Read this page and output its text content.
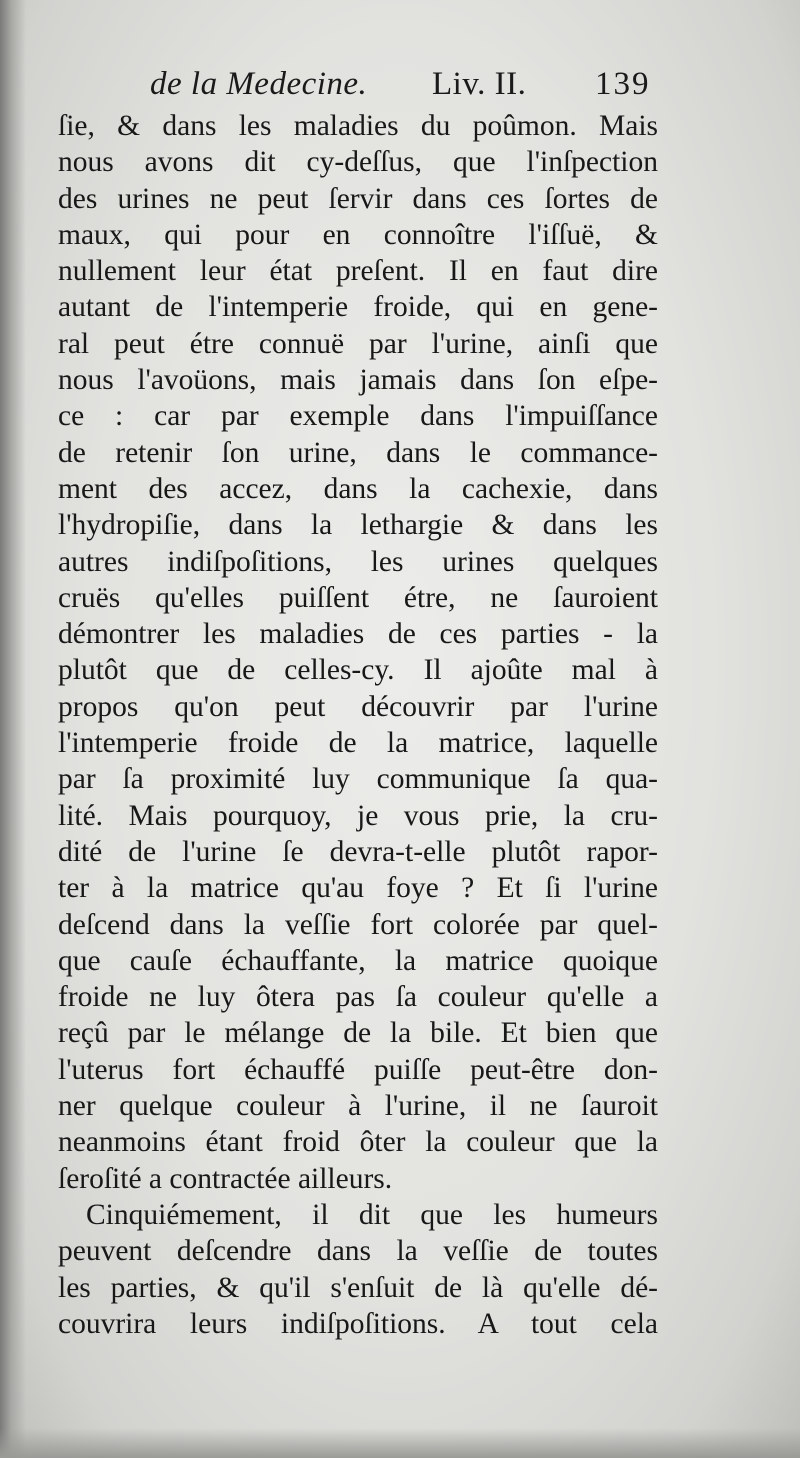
de la Medecine. Liv. II. 139
ſie, & dans les maladies du poûmon. Mais
nous avons dit cy-deſſus, que l'inſpection
des urines ne peut ſervir dans ces ſortes de
maux, qui pour en connoître l'iſſuë, &
nullement leur état preſent. Il en faut dire
autant de l'intemperie froide, qui en gene-
ral peut étre connuë par l'urine, ainſi que
nous l'avoüons, mais jamais dans ſon eſpe-
ce : car par exemple dans l'impuiſſance
de retenir ſon urine, dans le commance-
ment des accez, dans la cachexie, dans
l'hydropiſie, dans la lethargie & dans les
autres indiſpoſitions, les urines quelques
cruës qu'elles puiſſent étre, ne ſauroient
démontrer les maladies de ces parties - la
plutôt que de celles-cy. Il ajoûte mal à
propos qu'on peut découvrir par l'urine
l'intemperie froide de la matrice, laquelle
par ſa proximité luy communique ſa qua-
lité. Mais pourquoy, je vous prie, la cru-
dité de l'urine ſe devra-t-elle plutôt rapor-
ter à la matrice qu'au foye ? Et ſi l'urine
deſcend dans la veſſie fort colorée par quel-
que cauſe échauffante, la matrice quoique
froide ne luy ôtera pas ſa couleur qu'elle a
reçû par le mélange de la bile. Et bien que
l'uterus fort échauffé puiſſe peut-être don-
ner quelque couleur à l'urine, il ne ſauroit
neanmoins étant froid ôter la couleur que la
ſeroſité a contractée ailleurs.
Cinquiémement, il dit que les humeurs
peuvent deſcendre dans la veſſie de toutes
les parties, & qu'il s'enſuit de là qu'elle dé-
couvrira leurs indiſpoſitions. A tout cela
